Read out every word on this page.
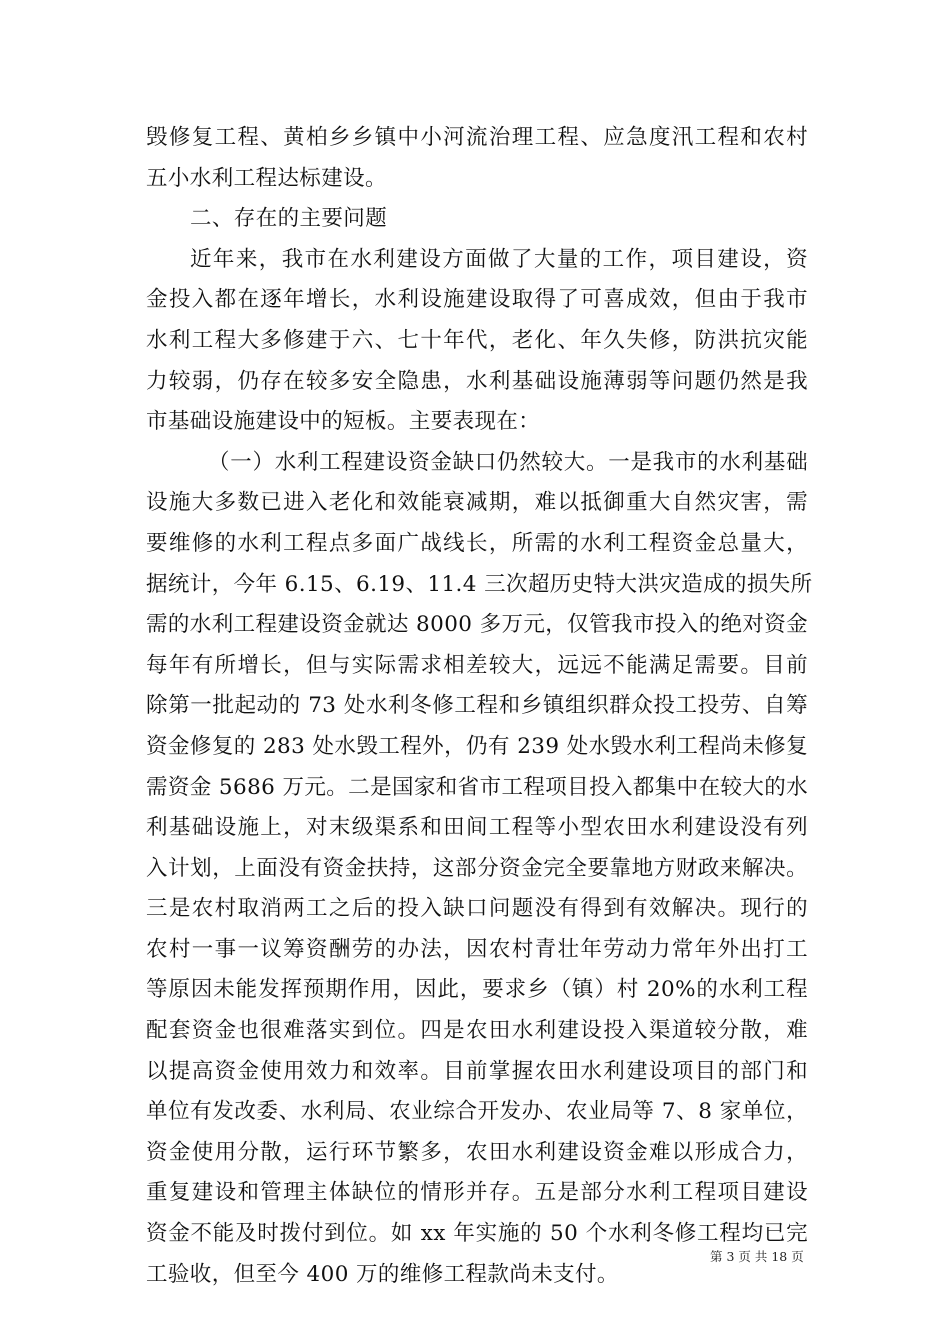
毁修复工程、黄柏乡乡镇中小河流治理工程、应急度汛工程和农村
五小水利工程达标建设。
二、存在的主要问题
近年来，我市在水利建设方面做了大量的工作，项目建设，资
金投入都在逐年增长，水利设施建设取得了可喜成效，但由于我市
水利工程大多修建于六、七十年代，老化、年久失修，防洪抗灾能
力较弱，仍存在较多安全隐患，水利基础设施薄弱等问题仍然是我
市基础设施建设中的短板。主要表现在：
（一）水利工程建设资金缺口仍然较大。一是我市的水利基础
设施大多数已进入老化和效能衰减期，难以抵御重大自然灾害，需
要维修的水利工程点多面广战线长，所需的水利工程资金总量大，
据统计，今年 6.15、6.19、11.4 三次超历史特大洪灾造成的损失所
需的水利工程建设资金就达 8000 多万元，仅管我市投入的绝对资金
每年有所增长，但与实际需求相差较大，远远不能满足需要。目前
除第一批起动的 73 处水利冬修工程和乡镇组织群众投工投劳、自筹
资金修复的 283 处水毁工程外，仍有 239 处水毁水利工程尚未修复
需资金 5686 万元。二是国家和省市工程项目投入都集中在较大的水
利基础设施上，对末级渠系和田间工程等小型农田水利建设没有列
入计划，上面没有资金扶持，这部分资金完全要靠地方财政来解决。
三是农村取消两工之后的投入缺口问题没有得到有效解决。现行的
农村一事一议筹资酬劳的办法，因农村青壮年劳动力常年外出打工
等原因未能发挥预期作用，因此，要求乡（镇）村 20%的水利工程
配套资金也很难落实到位。四是农田水利建设投入渠道较分散，难
以提高资金使用效力和效率。目前掌握农田水利建设项目的部门和
单位有发改委、水利局、农业综合开发办、农业局等 7、8 家单位，
资金使用分散，运行环节繁多，农田水利建设资金难以形成合力，
重复建设和管理主体缺位的情形并存。五是部分水利工程项目建设
资金不能及时拨付到位。如 xx 年实施的 50 个水利冬修工程均已完
工验收，但至今 400 万的维修工程款尚未支付。
第 3 页 共 18 页
